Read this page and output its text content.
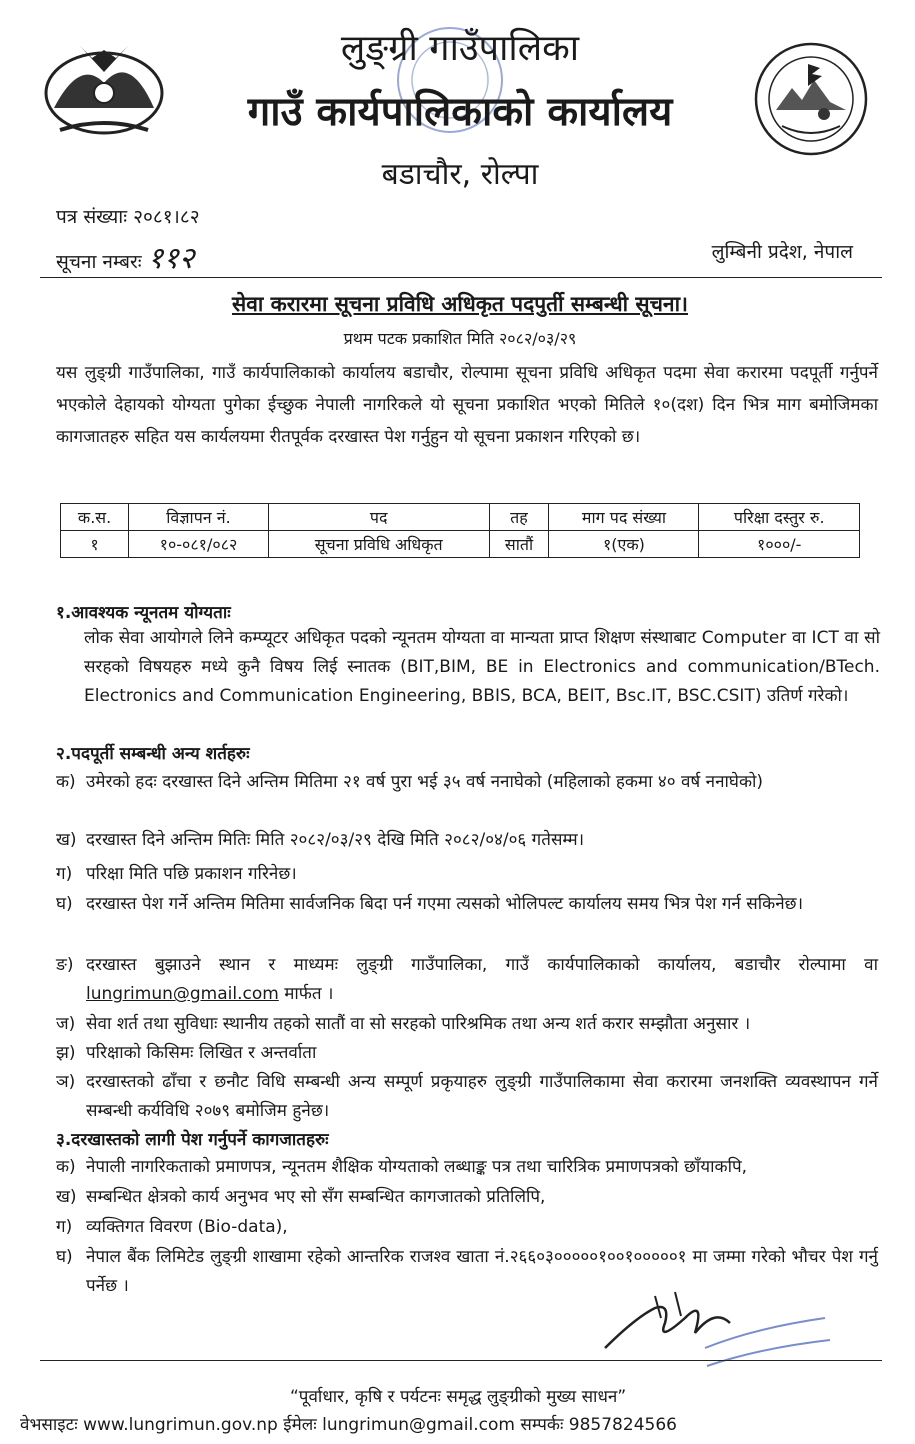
लुङ्ग्री गाउँपालिका
गाउँ कार्यपालिकाको कार्यालय
बडाचौर, रोल्पा
पत्र संख्याः २०८१।८२
सूचना नम्बरः ११२	लुम्बिनी प्रदेश, नेपाल
सेवा करारमा सूचना प्रविधि अधिकृत पदपुर्ती सम्बन्धी सूचना।
प्रथम पटक प्रकाशित मिति २०८२/०३/२९
यस लुङ्ग्री गाउँपालिका, गाउँ कार्यपालिकाको कार्यालय बडाचौर, रोल्पामा सूचना प्रविधि अधिकृत पदमा सेवा करारमा पदपूर्ती गर्नुपर्ने भएकोले देहायको योग्यता पुगेका ईच्छुक नेपाली नागरिकले यो सूचना प्रकाशित भएको मितिले १०(दश) दिन भित्र माग बमोजिमका कागजातहरु सहित यस कार्यलयमा रीतपूर्वक दरखास्त पेश गर्नुहुन यो सूचना प्रकाशन गरिएको छ।
क.स.	विज्ञापन नं.	पद	तह	माग पद संख्या	परिक्षा दस्तुर रु.
१	१०-०८१/०८२	सूचना प्रविधि अधिकृत	सातौं	१(एक)	१०००/-
१.आवश्यक न्यूनतम योग्यताः
लोक सेवा आयोगले लिने कम्प्यूटर अधिकृत पदको न्यूनतम योग्यता वा मान्यता प्राप्त शिक्षण संस्थाबाट Computer वा ICT वा सो सरहको विषयहरु मध्ये कुनै विषय लिई स्नातक (BIT,BIM, BE in Electronics and communication/BTech. Electronics and Communication Engineering, BBIS, BCA, BEIT, Bsc.IT, BSC.CSIT) उतिर्ण गरेको।
२.पदपूर्ती सम्बन्धी अन्य शर्तहरुः
क) उमेरको हदः दरखास्त दिने अन्तिम मितिमा २१ वर्ष पुरा भई ३५ वर्ष ननाघेको (महिलाको हकमा ४० वर्ष ननाघेको)
ख) दरखास्त दिने अन्तिम मितिः मिति २०८२/०३/२९ देखि मिति २०८२/०४/०६ गतेसम्म।
ग) परिक्षा मिति पछि प्रकाशन गरिनेछ।
घ) दरखास्त पेश गर्ने अन्तिम मितिमा सार्वजनिक बिदा पर्न गएमा त्यसको भोलिपल्ट कार्यालय समय भित्र पेश गर्न सकिनेछ।
ङ) दरखास्त बुझाउने स्थान र माध्यमः लुङ्ग्री गाउँपालिका, गाउँ कार्यपालिकाको कार्यालय, बडाचौर रोल्पामा वा lungrimun@gmail.com मार्फत ।
ज) सेवा शर्त तथा सुविधाः स्थानीय तहको सातौं वा सो सरहको पारिश्रमिक तथा अन्य शर्त करार सम्झौता अनुसार ।
झ) परिक्षाको किसिमः लिखित र अन्तर्वाता
ञ) दरखास्तको ढाँचा र छनौट विधि सम्बन्धी अन्य सम्पूर्ण प्रकृयाहरु लुङ्ग्री गाउँपालिकामा सेवा करारमा जनशक्ति व्यवस्थापन गर्ने सम्बन्धी कर्यविधि २०७९ बमोजिम हुनेछ।
३.दरखास्तको लागी पेश गर्नुपर्ने कागजातहरुः
क) नेपाली नागरिकताको प्रमाणपत्र, न्यूनतम शैक्षिक योग्यताको लब्धाङ्क पत्र तथा चारित्रिक प्रमाणपत्रको छाँयाकपि,
ख) सम्बन्धित क्षेत्रको कार्य अनुभव भए सो सँग सम्बन्धित कागजातको प्रतिलिपि,
ग) व्यक्तिगत विवरण (Bio-data),
घ) नेपाल बैंक लिमिटेड लुङ्ग्री शाखामा रहेको आन्तरिक राजश्व खाता नं.२६६०३०००००१००१०००००१ मा जम्मा गरेको भौचर पेश गर्नु पर्नेछ ।
“पूर्वाधार, कृषि र पर्यटनः समृद्ध लुङ्ग्रीको मुख्य साधन”
वेभसाइटः www.lungrimun.gov.np ईमेलः lungrimun@gmail.com सम्पर्कः 9857824566
